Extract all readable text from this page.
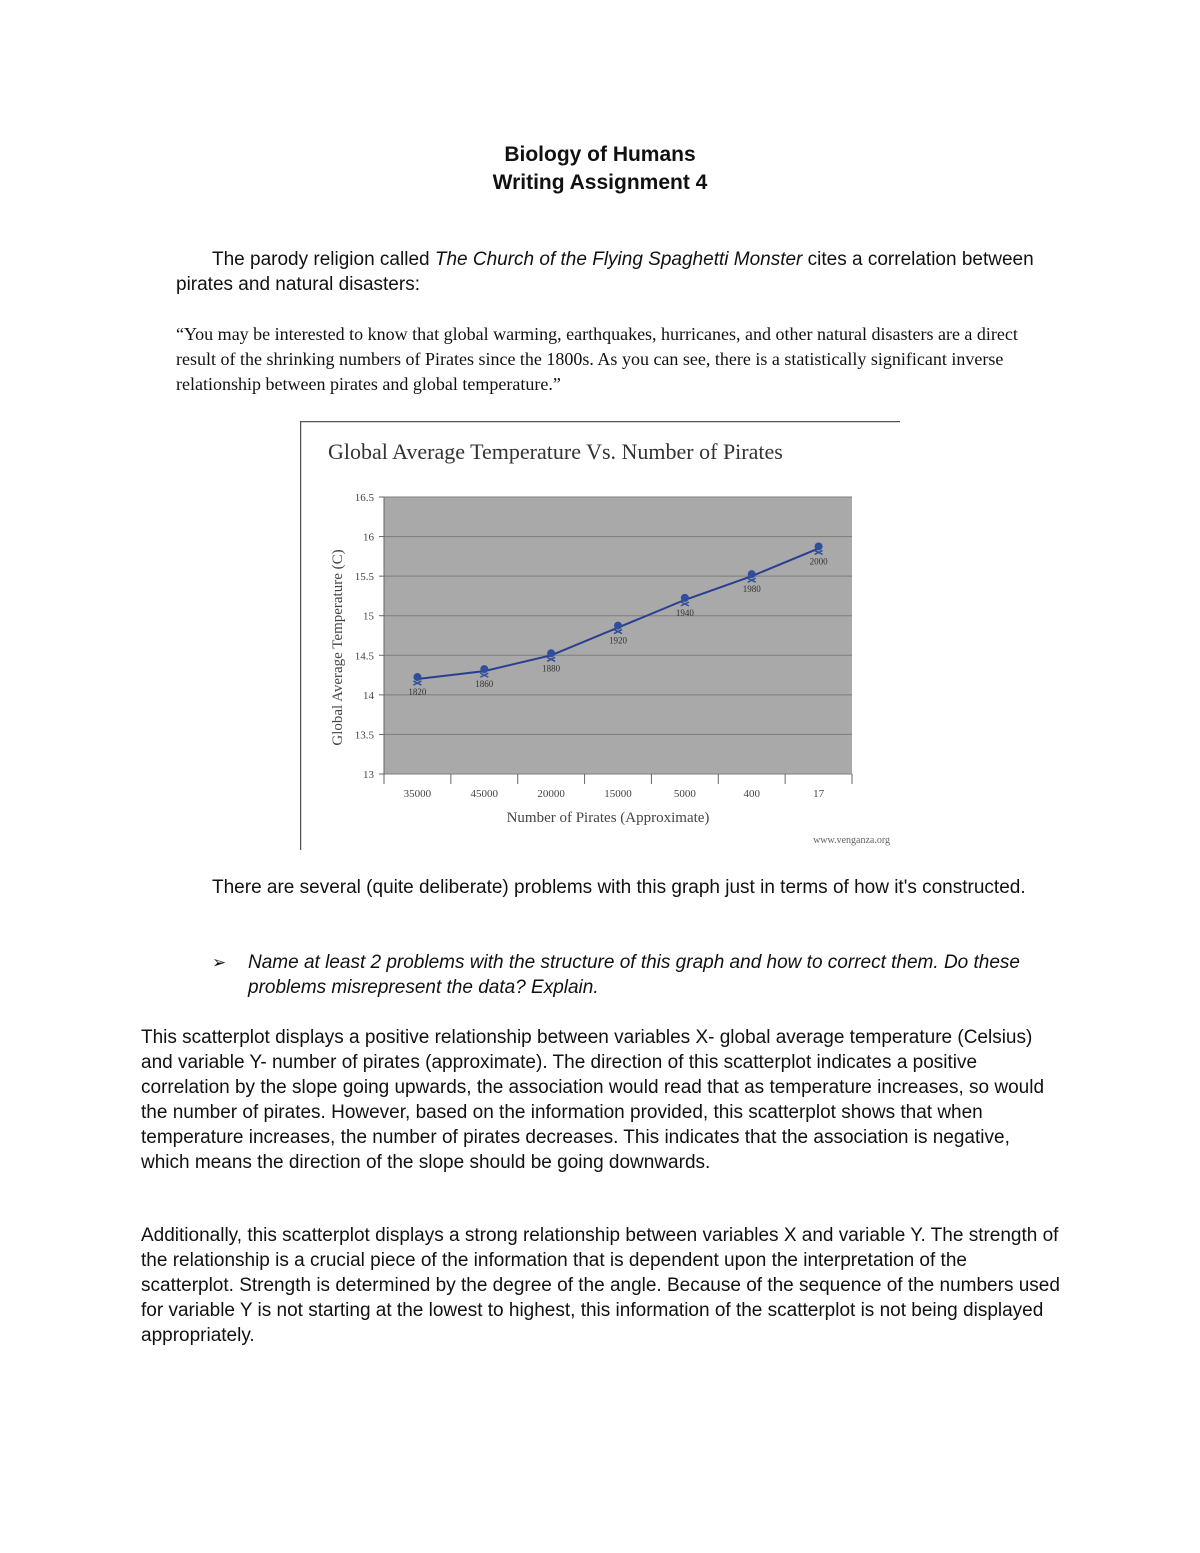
Biology of Humans
Writing Assignment 4

The parody religion called The Church of the Flying Spaghetti Monster cites a correlation between pirates and natural disasters:

“You may be interested to know that global warming, earthquakes, hurricanes, and other natural disasters are a direct result of the shrinking numbers of Pirates since the 1800s. As you can see, there is a statistically significant inverse relationship between pirates and global temperature.”

Global Average Temperature Vs. Number of Pirates
13
13.5
14
14.5
15
15.5
16
16.5
35000	45000	20000	15000	5000	400	17
Number of Pirates (Approximate)
Global Average Temperature (C)	1820
1860
1880
1920
1940
1980
2000
www.venganza.org

There are several (quite deliberate) problems with this graph just in terms of how it's constructed.

➢ Name at least 2 problems with the structure of this graph and how to correct them. Do these problems misrepresent the data? Explain.

This scatterplot displays a positive relationship between variables X- global average temperature (Celsius) and variable Y- number of pirates (approximate). The direction of this scatterplot indicates a positive correlation by the slope going upwards, the association would read that as temperature increases, so would the number of pirates. However, based on the information provided, this scatterplot shows that when temperature increases, the number of pirates decreases. This indicates that the association is negative, which means the direction of the slope should be going downwards.

Additionally, this scatterplot displays a strong relationship between variables X and variable Y. The strength of the relationship is a crucial piece of the information that is dependent upon the interpretation of the scatterplot. Strength is determined by the degree of the angle. Because of the sequence of the numbers used for variable Y is not starting at the lowest to highest, this information of the scatterplot is not being displayed appropriately.
